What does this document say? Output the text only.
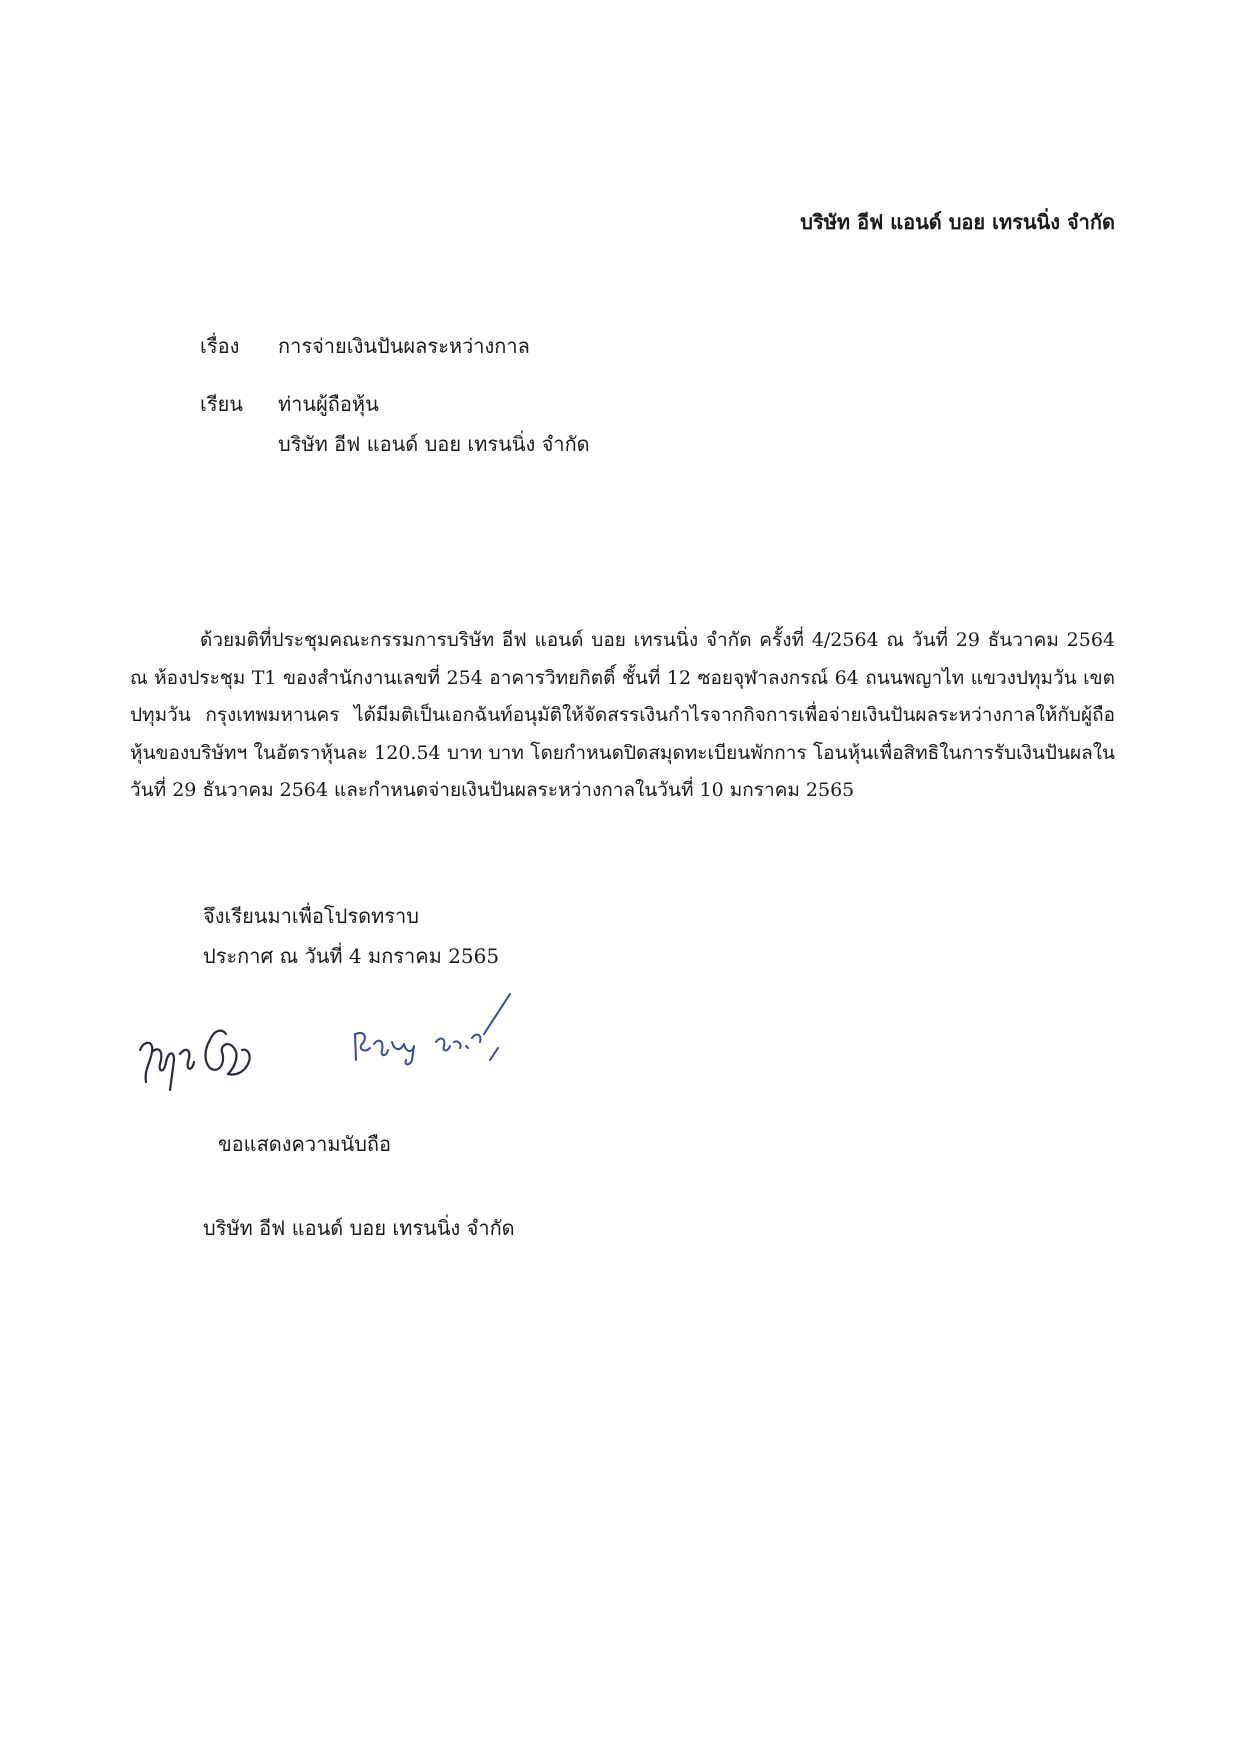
บริษัท อีฟ แอนด์ บอย เทรนนิ่ง จำกัด
เรื่อง การจ่ายเงินปันผลระหว่างกาล
เรียน ท่านผู้ถือหุ้น
บริษัท อีฟ แอนด์ บอย เทรนนิ่ง จำกัด
ด้วยมติที่ประชุมคณะกรรมการบริษัท อีฟ แอนด์ บอย เทรนนิ่ง จำกัด ครั้งที่ 4/2564 ณ วันที่ 29 ธันวาคม 2564 ณ ห้องประชุม T1 ของสำนักงานเลขที่ 254 อาคารวิทยกิตติ์ ชั้นที่ 12 ซอยจุฬาลงกรณ์ 64 ถนนพญาไท แขวงปทุมวัน เขตปทุมวัน กรุงเทพมหานคร ได้มีมติเป็นเอกฉันท์อนุมัติให้จัดสรรเงินกำไรจากกิจการเพื่อจ่ายเงินปันผลระหว่างกาลให้กับผู้ถือหุ้นของบริษัทฯ ในอัตราหุ้นละ 120.54 บาท บาท โดยกำหนดปิดสมุดทะเบียนพักการ โอนหุ้นเพื่อสิทธิในการรับเงินปันผลในวันที่ 29 ธันวาคม 2564 และกำหนดจ่ายเงินปันผลระหว่างกาลในวันที่ 10 มกราคม 2565
จึงเรียนมาเพื่อโปรดทราบ
ประกาศ ณ วันที่ 4 มกราคม 2565
ขอแสดงความนับถือ
บริษัท อีฟ แอนด์ บอย เทรนนิ่ง จำกัด
